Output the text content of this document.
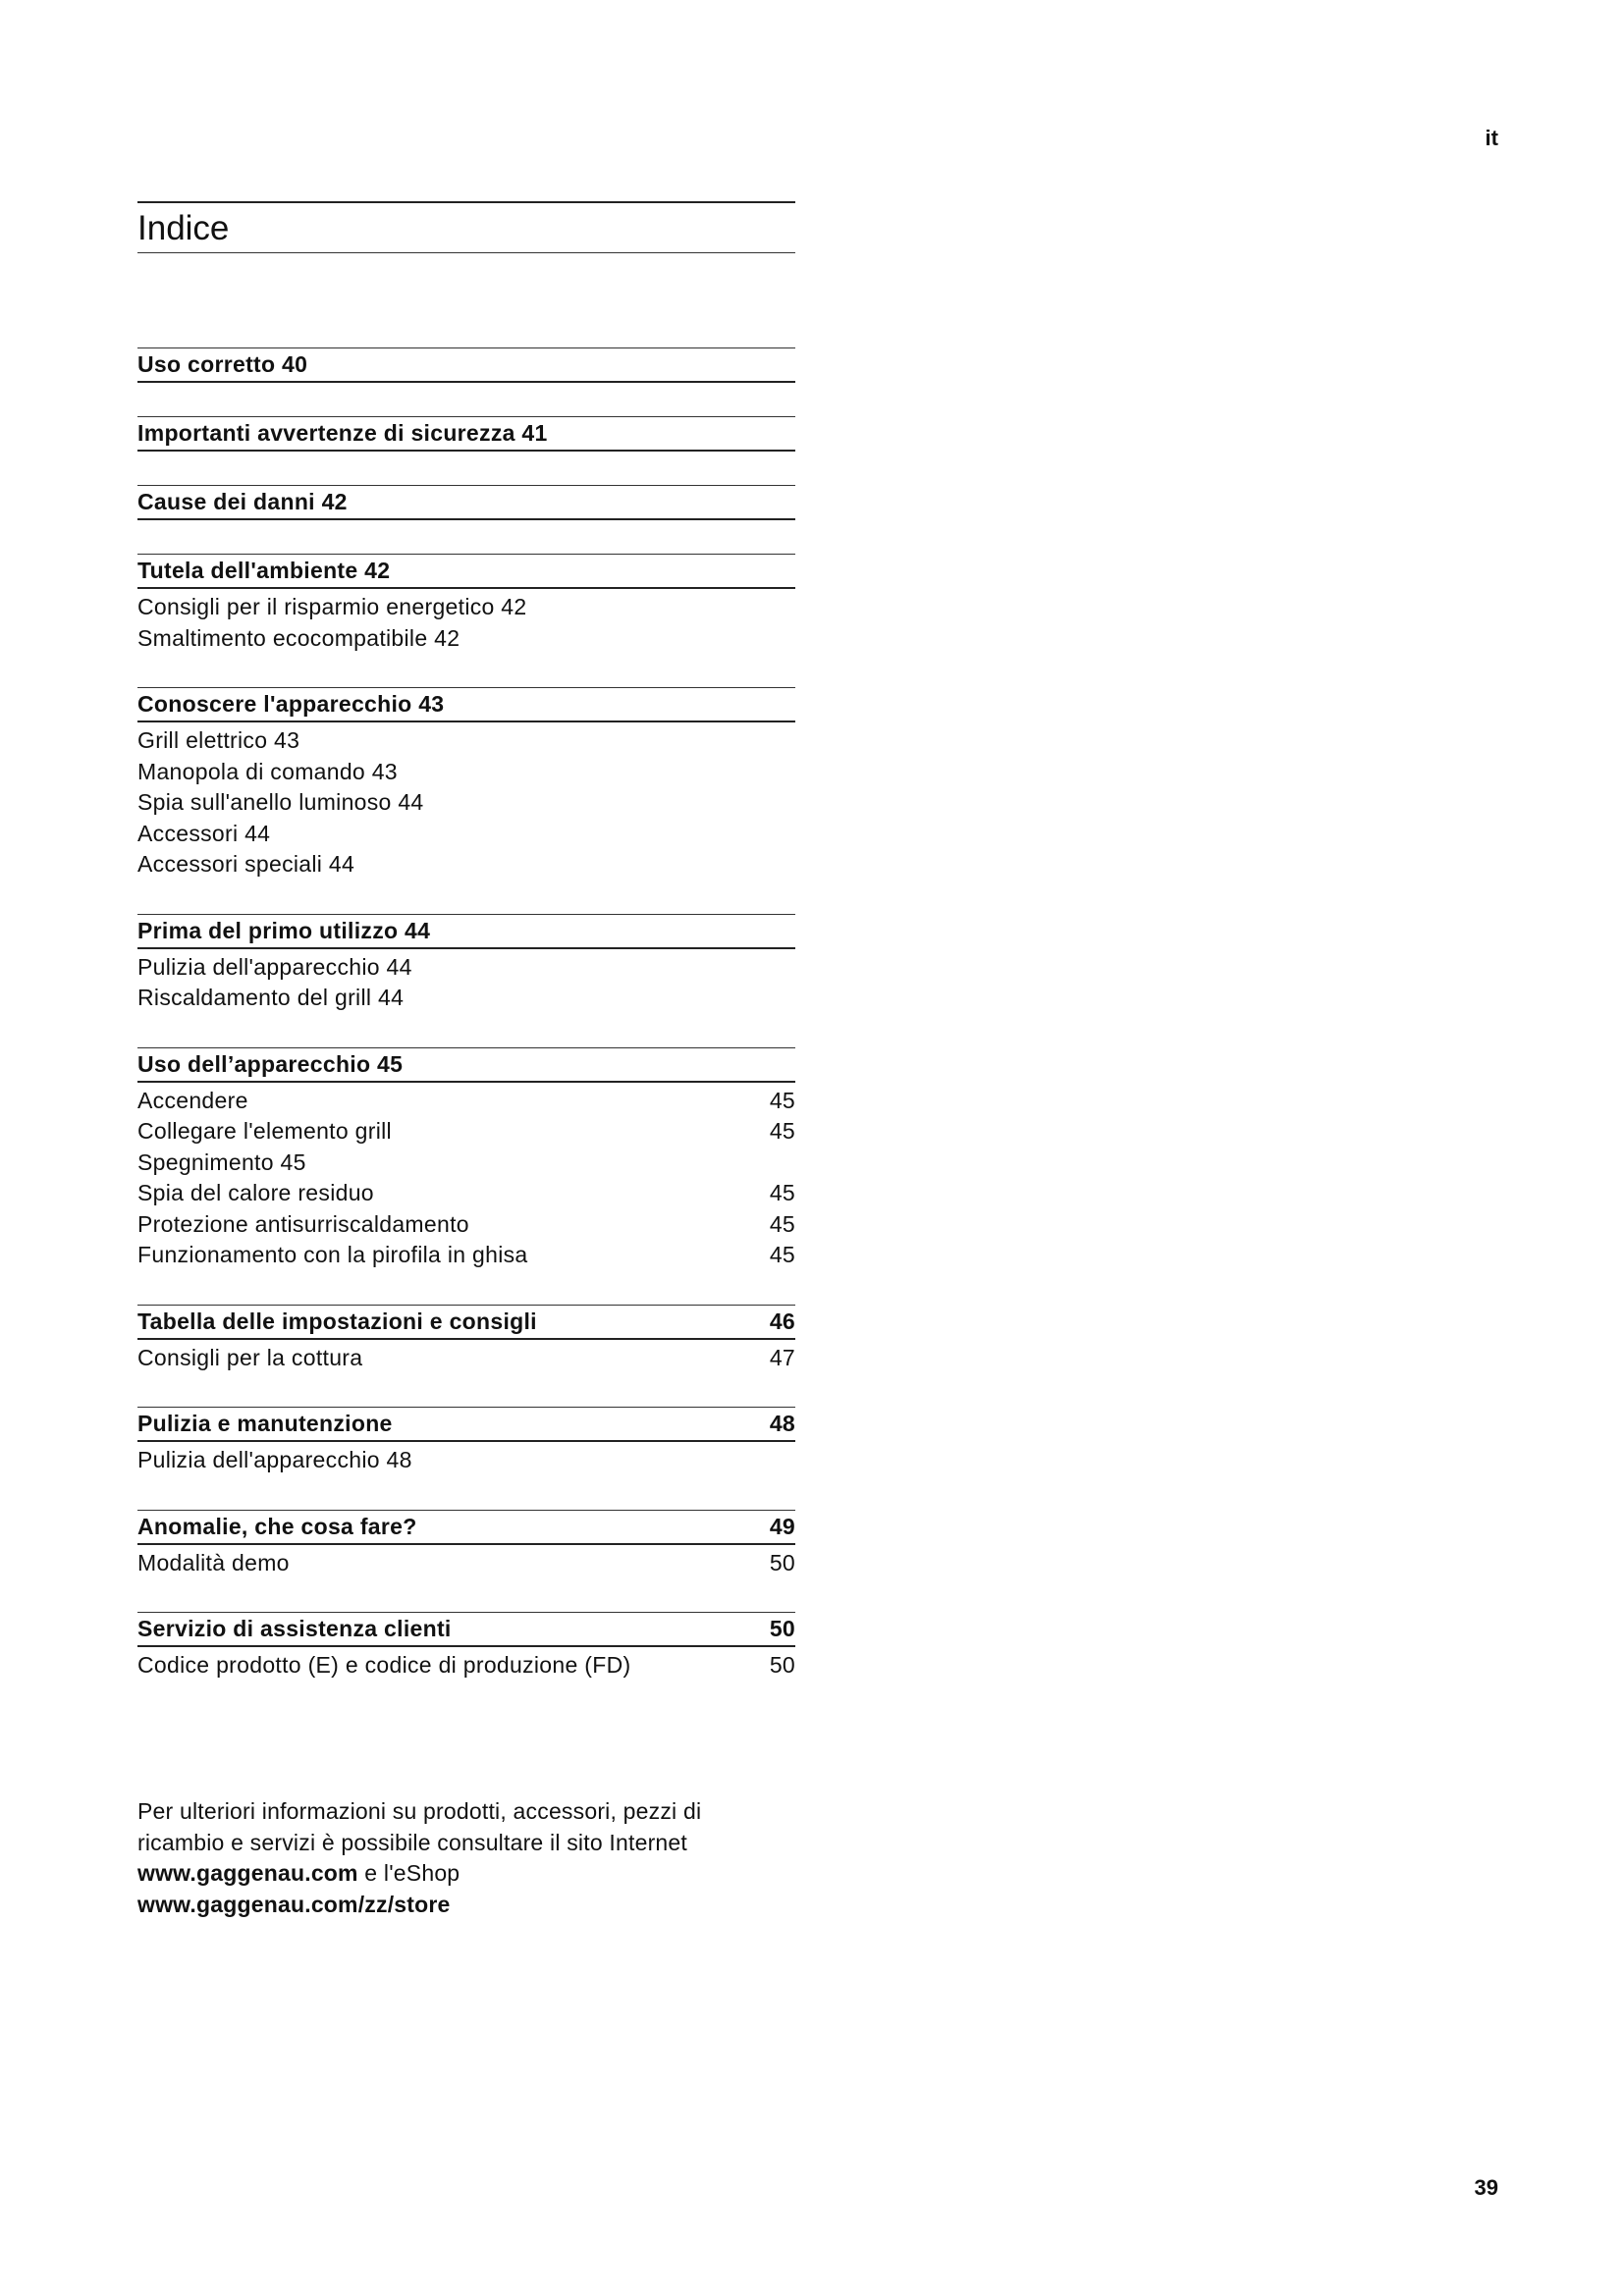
it
Indice
Uso corretto 40
Importanti avvertenze di sicurezza 41
Cause dei danni 42
Tutela dell'ambiente 42
Consigli per il risparmio energetico 42
Smaltimento ecocompatibile 42
Conoscere l'apparecchio 43
Grill elettrico 43
Manopola di comando 43
Spia sull'anello luminoso 44
Accessori 44
Accessori speciali 44
Prima del primo utilizzo 44
Pulizia dell'apparecchio 44
Riscaldamento del grill 44
Uso dell’apparecchio 45
Accendere	45
Collegare l'elemento grill	45
Spegnimento 45
Spia del calore residuo	45
Protezione antisurriscaldamento	45
Funzionamento con la pirofila in ghisa	45
Tabella delle impostazioni e consigli	46
Consigli per la cottura	47
Pulizia e manutenzione	48
Pulizia dell'apparecchio 48
Anomalie, che cosa fare?	49
Modalità demo	50
Servizio di assistenza clienti	50
Codice prodotto (E) e codice di produzione (FD)	50
Per ulteriori informazioni su prodotti, accessori, pezzi di
ricambio e servizi è possibile consultare il sito Internet
www.gaggenau.com e l'eShop
www.gaggenau.com/zz/store
39
